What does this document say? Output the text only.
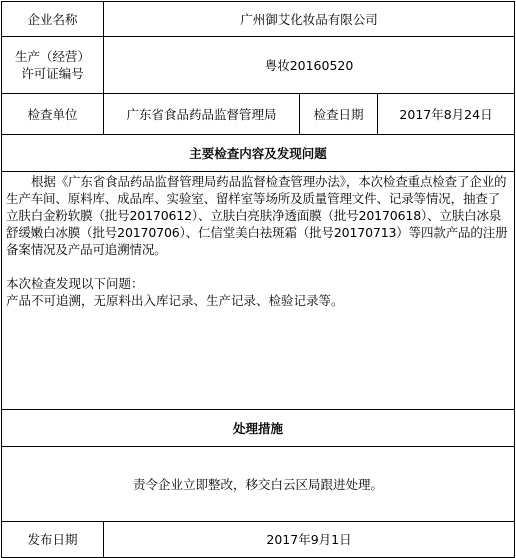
企业名称	广州御艾化妆品有限公司		
生产（经营）
许可证编号	粤妆20160520		
检查单位	广东省食品药品监督管理局	检查日期	2017年8月24日
主要检查内容及发现问题			

根据《广东省食品药品监督管理局药品监督检查管理办法》，本次检查重点检查了企业的生产车间、原料库、成品库、实验室、留样室等场所及质量管理文件、记录等情况，抽查了立肤白金粉软膜（批号20170612）、立肤白亮肤净透面膜（批号20170618）、立肤白冰泉舒缓嫩白冰膜（批号20170706）、仁信堂美白祛斑霜（批号20170713）等四款产品的注册备案情况及产品可追溯情况。
本次检查发现以下问题：
产品不可追溯，无原料出入库记录、生产记录、检验记录等。			

处理措施			
责令企业立即整改，移交白云区局跟进处理。			
发布日期	2017年9月1日		
